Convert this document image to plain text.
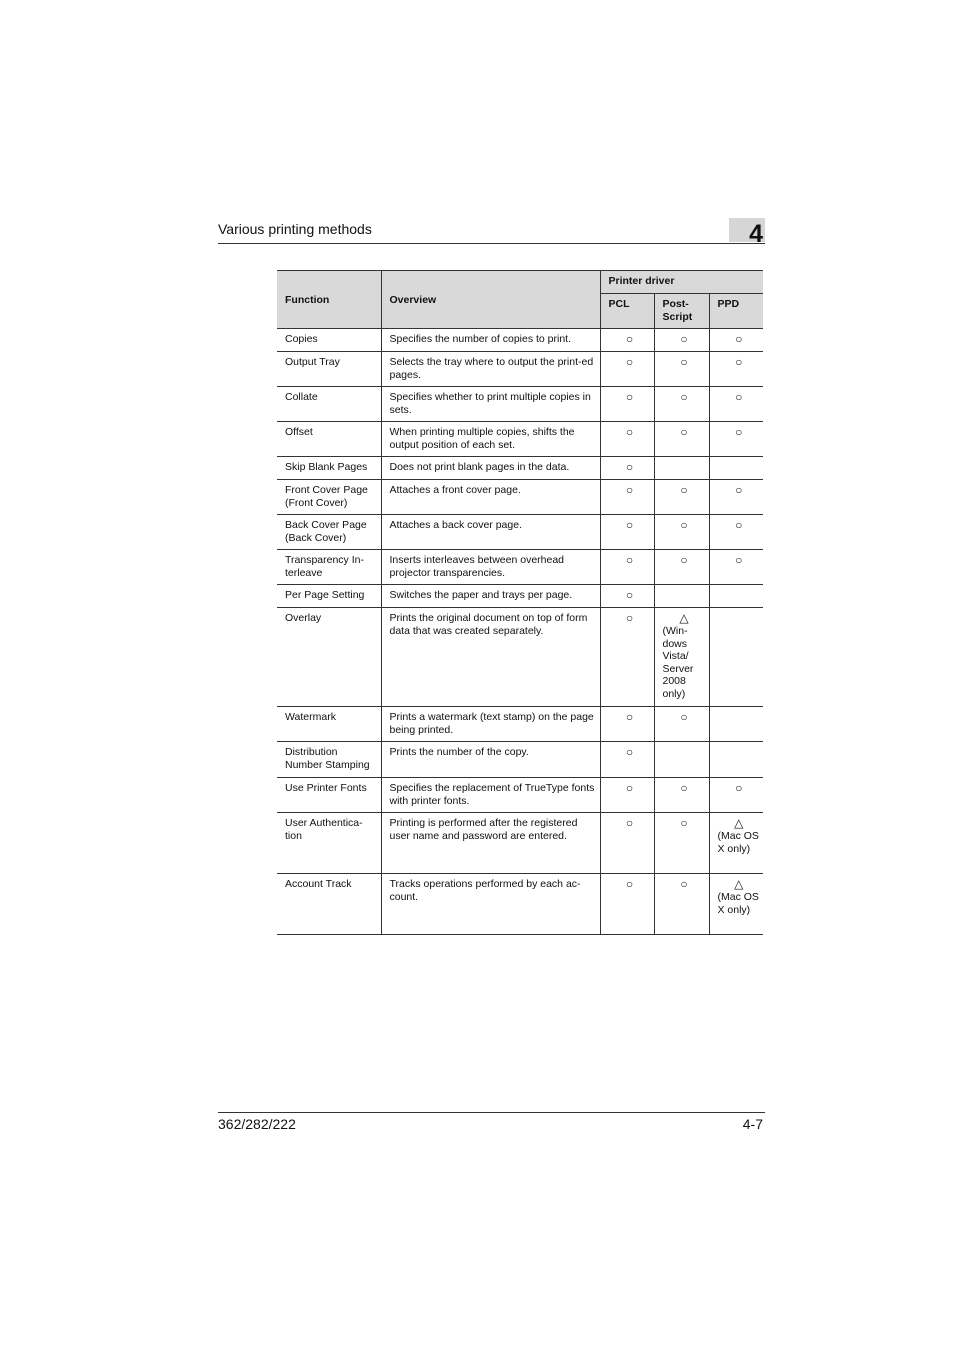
Various printing methods	4
Function	Overview	Printer driver		
		PCL	Post-Script	PPD
Copies	Specifies the number of copies to print.	○	○	○

Output Tray	Selects the tray where to output the print-ed pages.	○	○	○

Collate	Specifies whether to print multiple copies in sets.	○	○	○

Offset	When printing multiple copies, shifts the output position of each set.	○	○	○

Skip Blank Pages	Does not print blank pages in the data.	○		

Front Cover Page (Front Cover)	Attaches a front cover page.	○	○	○

Back Cover Page (Back Cover)	Attaches a back cover page.	○	○	○

Transparency In-terleave	Inserts interleaves between overhead projector transparencies.	○	○	○

Per Page Setting	Switches the paper and trays per page.	○		

Overlay	Prints the original document on top of form data that was created separately.	○	△
(Win-dows Vista/ Server 2008 only)	

Watermark	Prints a watermark (text stamp) on the page being printed.	○	○	

Distribution Number Stamping	Prints the number of the copy.	○		

Use Printer Fonts	Specifies the replacement of TrueType fonts with printer fonts.	○	○	○

User Authentica-tion	Printing is performed after the registered user name and password are entered.	○	○	△
(Mac OS X only)

Account Track	Tracks operations performed by each ac-count.	○	○	△
(Mac OS X only)
362/282/222	4-7
